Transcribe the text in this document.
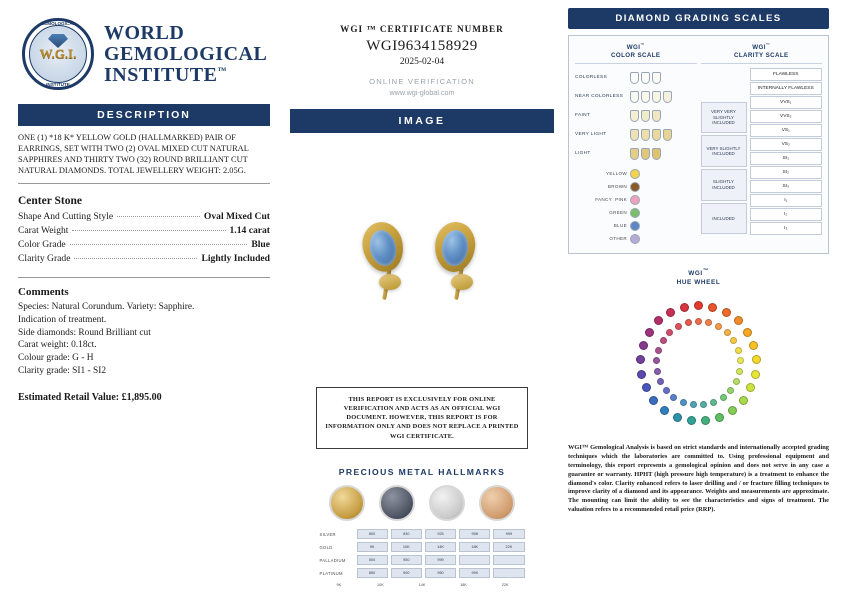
GEMOLOGICAL
W.G.I.
INSTITUTE
WORLD
GEMOLOGICAL
INSTITUTE™
DESCRIPTION
ONE (1) *18 K* YELLOW GOLD (HALLMARKED) PAIR OF EARRINGS, SET WITH TWO (2) OVAL MIXED CUT NATURAL SAPPHIRES AND THIRTY TWO (32) ROUND BRILLIANT CUT NATURAL DIAMONDS. TOTAL JEWELLERY WEIGHT: 2.05G.
Center Stone
Shape And Cutting Style	Oval Mixed Cut
Carat Weight	1.14 carat
Color Grade	Blue
Clarity Grade	Lightly Included
Comments
Species: Natural Corundum. Variety: Sapphire.
Indication of treatment.
Side diamonds: Round Brilliant cut
Carat weight: 0.18ct.
Colour grade: G - H
Clarity grade: SI1 - SI2
Estimated Retail Value: £1,895.00
WGI ™ CERTIFICATE NUMBER
WGI9634158929
2025-02-04
ONLINE VERIFICATION
www.wgi-global.com
IMAGE
THIS REPORT IS EXCLUSIVELY FOR ONLINE VERIFICATION AND ACTS AS AN OFFICIAL WGI DOCUMENT. HOWEVER, THIS REPORT IS FOR INFORMATION ONLY AND DOES NOT REPLACE A PRINTED WGI CERTIFICATE.
PRECIOUS METAL HALLMARKS
SILVER	800	830	925	958	999
GOLD	9K	10K	14K	18K	22K
PALLADIUM	500	950	999
PLATINUM	850	900	950	999
9K	10K	14K	18K	22K
DIAMOND GRADING SCALES
WGI™
COLOR SCALE
COLORLESS
NEAR COLORLESS
FAINT
VERY LIGHT
LIGHT
YELLOW
BROWN
FANCY PINK
GREEN
BLUE
OTHER
WGI™
CLARITY SCALE
VERY VERY SLIGHTLY INCLUDED
VERY SLIGHTLY INCLUDED
SLIGHTLY INCLUDED
INCLUDED
FLAWLESS
INTERNALLY FLAWLESS
VVS₁
VVS₂
VS₁
VS₂
SI₁
SI₂
SI₃
I₁
I₂
I₃
WGI™
HUE WHEEL
WGI™ Gemological Analysis is based on strict standards and internationally accepted grading techniques which the laboratories are committed to. Using professional equipment and terminology, this report represents a gemological opinion and does not serve in any case a guarantee or warranty. HPHT (high pressure high temperature) is a treatment to enhance the diamond's color. Clarity enhanced refers to laser drilling and / or fracture filling techniques to improve clarity of a diamond and its appearance. Weights and measurements are approximate. The mounting can limit the ability to see the characteristics and signs of treatment. The valuation refers to a recommended retail price (RRP).
